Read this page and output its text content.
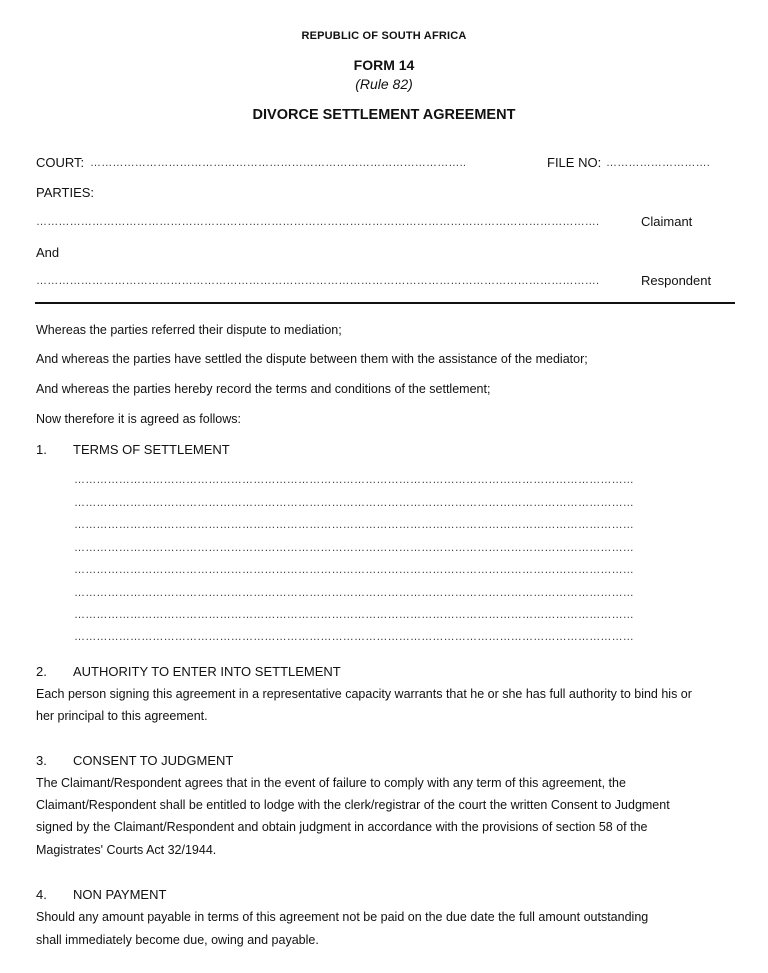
REPUBLIC OF SOUTH AFRICA
FORM 14
(Rule 82)
DIVORCE SETTLEMENT AGREEMENT
COURT: ………………………………………………………………………………………..	FILE NO: ……………………….
PARTIES:
…………………………………………………………………………………………………………………………………….	Claimant
And
…………………………………………………………………………………………………………………………………….	Respondent
Whereas the parties referred their dispute to mediation;
And whereas the parties have settled the dispute between them with the assistance of the mediator;
And whereas the parties hereby record the terms and conditions of the settlement;
Now therefore it is agreed as follows:
1. TERMS OF SETTLEMENT
……………………………………………………………………………………………………………………………………
……………………………………………………………………………………………………………………………………
……………………………………………………………………………………………………………………………………
……………………………………………………………………………………………………………………………………
……………………………………………………………………………………………………………………………………
……………………………………………………………………………………………………………………………………
……………………………………………………………………………………………………………………………………
……………………………………………………………………………………………………………………………………
2. AUTHORITY TO ENTER INTO SETTLEMENT
Each person signing this agreement in a representative capacity warrants that he or she has full authority to bind his or
her principal to this agreement.
3. CONSENT TO JUDGMENT
The Claimant/Respondent agrees that in the event of failure to comply with any term of this agreement, the
Claimant/Respondent shall be entitled to lodge with the clerk/registrar of the court the written Consent to Judgment
signed by the Claimant/Respondent and obtain judgment in accordance with the provisions of section 58 of the
Magistrates' Courts Act 32/1944.
4. NON PAYMENT
Should any amount payable in terms of this agreement not be paid on the due date the full amount outstanding
shall immediately become due, owing and payable.
